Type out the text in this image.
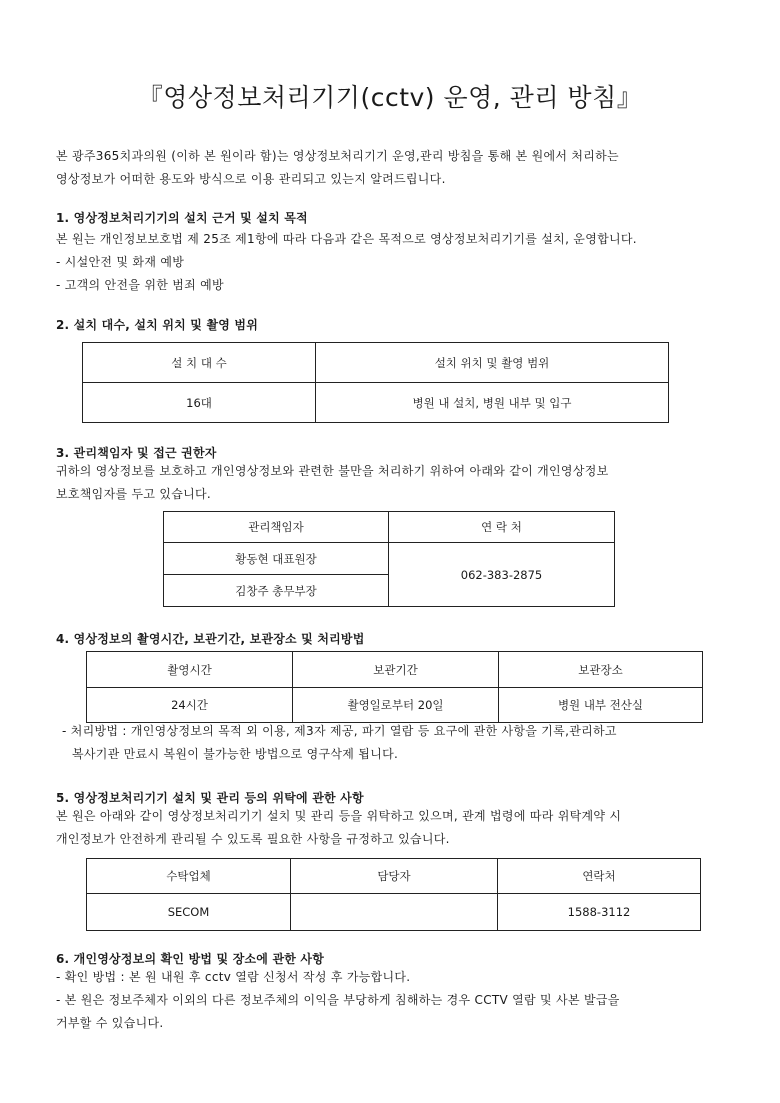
『영상정보처리기기(cctv) 운영, 관리 방침』

본 광주365치과의원 (이하 본 원이라 함)는 영상정보처리기기 운영,관리 방침을 통해 본 원에서 처리하는
영상정보가 어떠한 용도와 방식으로 이용 관리되고 있는지 알려드립니다.

1. 영상정보처리기기의 설치 근거 및 설치 목적

본 원는 개인정보보호법 제 25조 제1항에 따라 다음과 같은 목적으로 영상정보처리기기를 설치, 운영합니다.
- 시설안전 및 화재 예방
- 고객의 안전을 위한 범죄 예방

2. 설치 대수, 설치 위치 및 촬영 범위
설 치 대 수	설치 위치 및 촬영 범위
16대	병원 내 설치, 병원 내부 및 입구
3. 관리책임자 및 접근 권한자

귀하의 영상정보를 보호하고 개인영상정보와 관련한 불만을 처리하기 위하여 아래와 같이 개인영상정보
보호책임자를 두고 있습니다.

관리책임자	연 락 처
황동현 대표원장	062-383-2875
김창주 총무부장	
4. 영상정보의 촬영시간, 보관기간, 보관장소 및 처리방법
촬영시간	보관기간	보관장소
24시간	촬영일로부터 20일	병원 내부 전산실

- 처리방법 : 개인영상정보의 목적 외 이용, 제3자 제공, 파기 열람 등 요구에 관한 사항을 기록,관리하고
복사기관 만료시 복원이 불가능한 방법으로 영구삭제 됩니다.

5. 영상정보처리기기 설치 및 관리 등의 위탁에 관한 사항

본 원은 아래와 같이 영상정보처리기기 설치 및 관리 등을 위탁하고 있으며, 관계 법령에 따라 위탁계약 시
개인정보가 안전하게 관리될 수 있도록 필요한 사항을 규정하고 있습니다.

수탁업체	담당자	연락처
SECOM		1588-3112
6. 개인영상정보의 확인 방법 및 장소에 관한 사항

- 확인 방법 : 본 원 내원 후 cctv 열람 신청서 작성 후 가능합니다.
- 본 원은 정보주체자 이외의 다른 정보주체의 이익을 부당하게 침해하는 경우 CCTV 열람 및 사본 발급을
거부할 수 있습니다.
